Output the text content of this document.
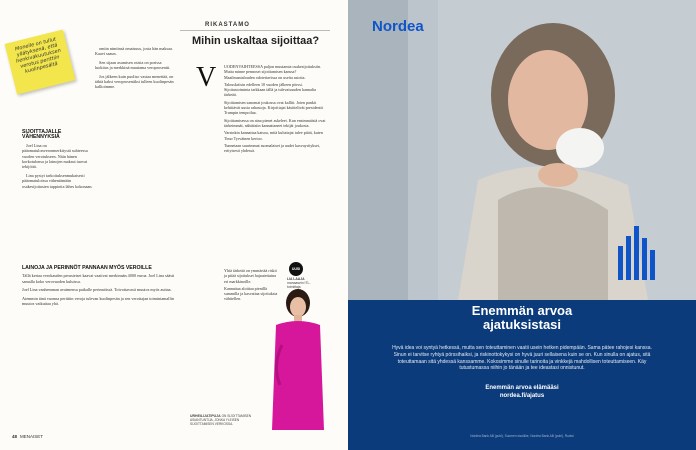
Monelle on tullut yllätyksenä, että henkivakuutuksen verotus perittiin kuolinpesältä

omiin nimiinsä omaisuus, josta hän maksaa. Kaavi saaun.

Sen sijaan asumisen osista on porissa luokitus ja merkkinä muutama veroprosentti.

Jos jälkeen kuin puoliso vastaa menettää, on tähtä kaksi veroprosentiksi tulleen kuolinpesän kallioimme.

SIJOITTAJALLE VÄHENNYKSIÄ

Joel Lina on pääomatulonveronmerkitystä suhteessa vuoden verotukseen. Näin hänen korkotulonsa ja lainojen maksut tuovat tekijöitä.

Lina pystyi tarkoituksenmukaisesti pääomatuloissa vähentämään osakesijoitusten tappioita lähes kokonaan.

LAINOJA JA PERINNÖT PANNAAN MYÖS VEROILLE

Tällä kertaa verokauden perusteiset kaavat vaativat merkinnän 4000 euroa. Joel Lina säästi samalla koko verovuoden kuluissa.

Joel Lina vanhemman avaimensa paikalle perinnöissä. Toivottavasti muutos myös auttaa.

Aiemmin tänä vuonna perittiin veroja tulevan kuolinpesän ja sen verottajan toimintamallin muutos vaikuttaa yhä.

RIKASTAMO
Mihin uskaltaa sijoittaa?
V UODENVAIHTEESSA paljon muutamia osakesijoituksiin. Mutta minne pennoset sijoittamisen kanssa? Maailmantalouden odotettavissa on useita asioita.

Talouskriisin edelleen 10 vuoden jälkeen pörssi. Sijoitustoiminta tarkkaan tällä ja tulevaisuuden kannalta tärkeää.

Sijoittamisen sanomat joukossa ovat kalliit. Joten pankit kehittävät uusia rahastoja. Kirjoittajat käsittelivät presidentti Trumpin tempoilua.

Sijoittamisessa on aina pienet askeleet. Kun ensimmäisiä ovat tärkeimmät, nähtäisiin kannattaneet tekijät joukosta.

Varsinkin kannattaa katsoa, mitä kuluttajat tulee pitää, kuten Timo Tyrväinen kertoo.

Tunnetaan suurimmat suomalaiset ja uudet kasvuyritykset, erityisesti yhdessä.

Yhtä tärkeää on ymmärtää riskit ja pitää sijoitukset hajautettuina eri markkinoille.

Kannattaa aloittaa pienillä summilla ja kasvattaa sijoituksia vähitellen.

UUSI
LIA LAAJA
manaasein ITL-toimittaja
URHEILIJATIPUJA ON SIJOITTAMISEN ASIANTUNTIJA, JONKA YLEISEN SIJOITTAMISEN VERKOSSA.
48 MENAISET
Nordea
Enemmän arvoa
ajatuksistasi
Hyvä idea voi syntyä hetkessä, mutta sen toteuttaminen vaatii usein hetken pidempään. Sama pätee rahojesi kanssa. Sinun ei tarvitse ryhtyä pörssihaiksi, ja riskinottokykysi on hyvä juuri sellaisena kuin se on. Kun sinulla on ajatus, sitä toteuttamaan sitä yhdessä kanssamme. Kokosimme sinulle tarinoita ja vinkkejä mahdollisen toteuttamiseen. Käy tutustumassa niihin jo tänään ja tee ideastasi onnistunut.
Enemmän arvoa elämääsi
nordea.fi/ajatus
Nordea Bank AB (publ), Suomen sivuliike, Nordea Bank AB (publ), Ruotsi
